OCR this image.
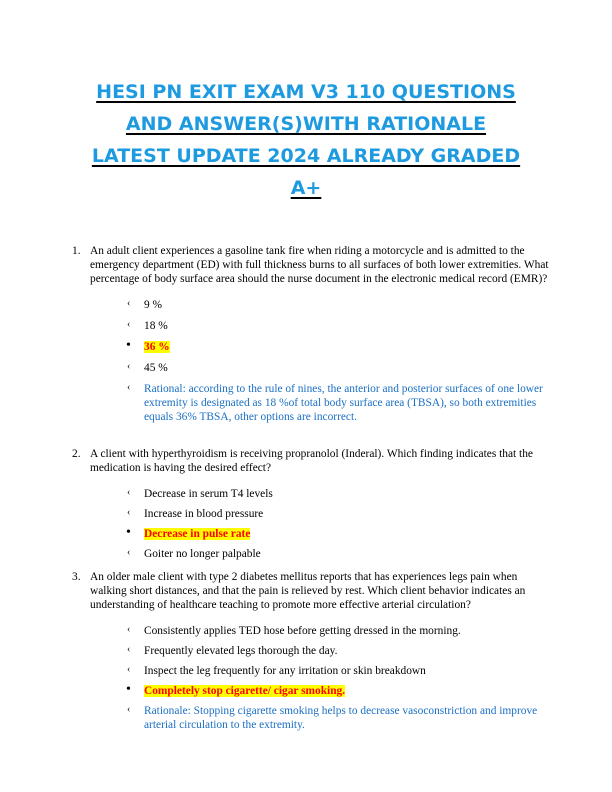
HESI PN EXIT EXAM V3 110 QUESTIONS
AND ANSWER(S)WITH RATIONALE
LATEST UPDATE 2024 ALREADY GRADED
A+
1. An adult client experiences a gasoline tank fire when riding a motorcycle and is admitted to the emergency department (ED) with full thickness burns to all surfaces of both lower extremities. What percentage of body surface area should the nurse document in the electronic medical record (EMR)?
‹ 9 %
‹ 18 %
• 36 %
‹ 45 %
‹ Rational: according to the rule of nines, the anterior and posterior surfaces of one lower extremity is designated as 18 %of total body surface area (TBSA), so both extremities equals 36% TBSA, other options are incorrect.
2. A client with hyperthyroidism is receiving propranolol (Inderal). Which finding indicates that the medication is having the desired effect?
‹ Decrease in serum T4 levels
‹ Increase in blood pressure
• Decrease in pulse rate
‹ Goiter no longer palpable
3. An older male client with type 2 diabetes mellitus reports that has experiences legs pain when walking short distances, and that the pain is relieved by rest. Which client behavior indicates an understanding of healthcare teaching to promote more effective arterial circulation?
‹ Consistently applies TED hose before getting dressed in the morning.
‹ Frequently elevated legs thorough the day.
‹ Inspect the leg frequently for any irritation or skin breakdown
• Completely stop cigarette/ cigar smoking.
‹ Rationale: Stopping cigarette smoking helps to decrease vasoconstriction and improve arterial circulation to the extremity.
